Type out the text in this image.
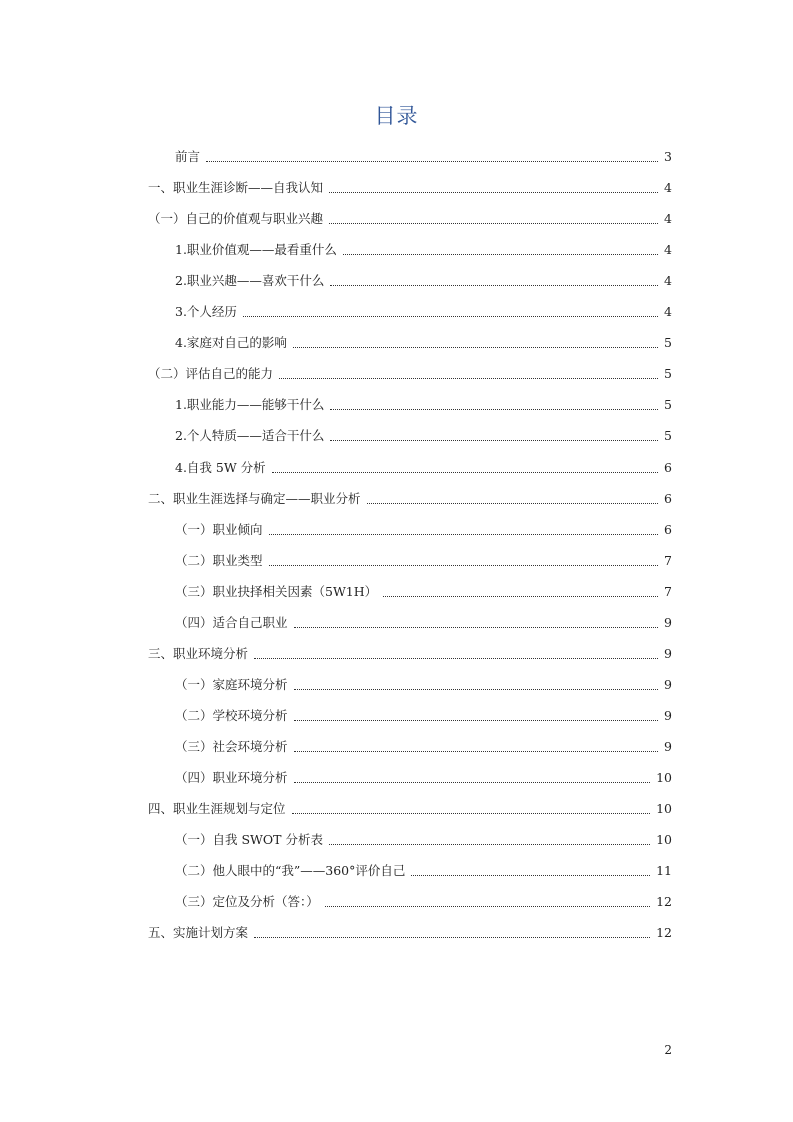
目录
前言	3
一、职业生涯诊断——自我认知	4
（一）自己的价值观与职业兴趣	4
1.职业价值观——最看重什么	4
2.职业兴趣——喜欢干什么	4
3.个人经历	4
4.家庭对自己的影响	5
（二）评估自己的能力	5
1.职业能力——能够干什么	5
2.个人特质——适合干什么	5
4.自我 5W 分析	6
二、职业生涯选择与确定——职业分析	6
（一）职业倾向	6
（二）职业类型	7
（三）职业抉择相关因素（5W1H）	7
（四）适合自己职业	9
三、职业环境分析	9
（一）家庭环境分析	9
（二）学校环境分析	9
（三）社会环境分析	9
（四）职业环境分析	10
四、职业生涯规划与定位	10
（一）自我 SWOT 分析表	10
（二）他人眼中的“我”——360°评价自己	11
（三）定位及分析（答：）	12
五、实施计划方案	12
2
